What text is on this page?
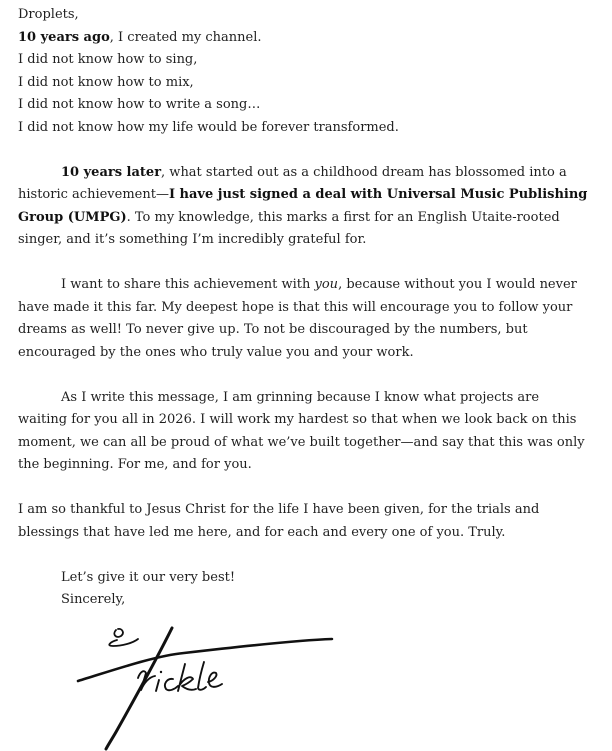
Droplets,
10 years ago, I created my channel.
I did not know how to sing,
I did not know how to mix,
I did not know how to write a song…
I did not know how my life would be forever transformed.

10 years later, what started out as a childhood dream has blossomed into a historic achievement—I have just signed a deal with Universal Music Publishing Group (UMPG). To my knowledge, this marks a first for an English Utaite-rooted singer, and it’s something I’m incredibly grateful for.

I want to share this achievement with you, because without you I would never have made it this far. My deepest hope is that this will encourage you to follow your dreams as well! To never give up. To not be discouraged by the numbers, but encouraged by the ones who truly value you and your work.

As I write this message, I am grinning because I know what projects are waiting for you all in 2026. I will work my hardest so that when we look back on this moment, we can all be proud of what we’ve built together—and say that this was only the beginning. For me, and for you.

I am so thankful to Jesus Christ for the life I have been given, for the trials and blessings that have led me here, and for each and every one of you. Truly.

Let’s give it our very best!
Sincerely,
